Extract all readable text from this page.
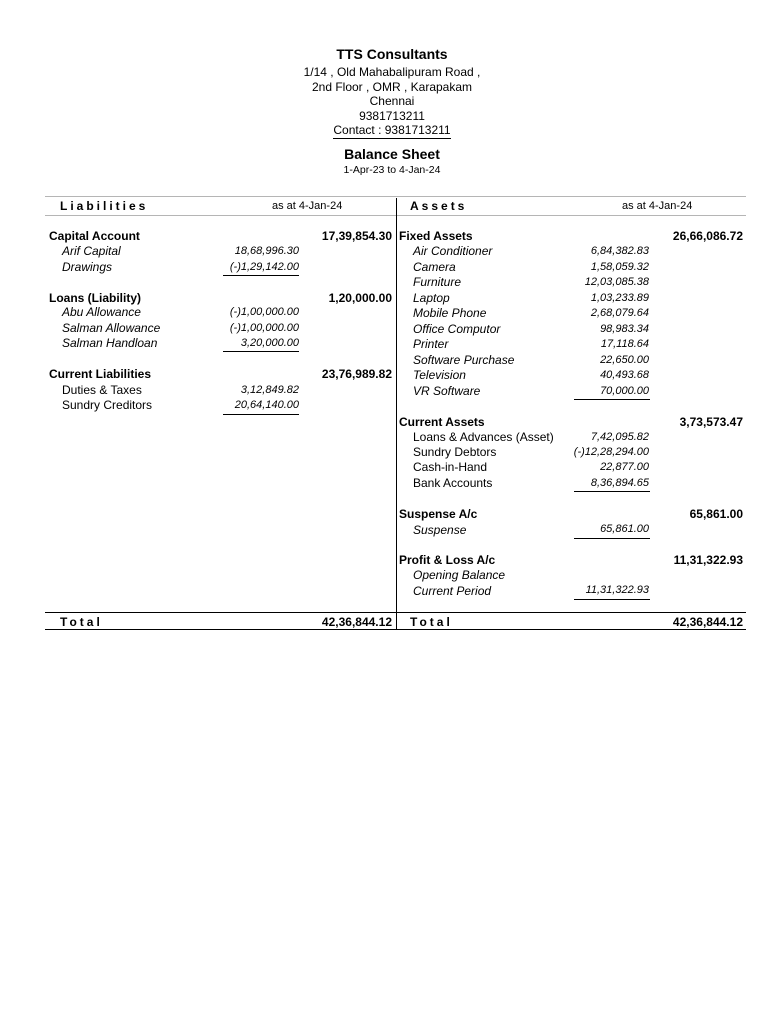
TTS Consultants
1/14 , Old Mahabalipuram Road ,
2nd Floor , OMR , Karapakam
Chennai
9381713211
Contact : 9381713211
Balance Sheet
1-Apr-23 to 4-Jan-24
Liabilities	as at 4-Jan-24	Assets	as at 4-Jan-24
Capital Account	17,39,854.30
Arif Capital	18,68,996.30
Drawings	(-)1,29,142.00
Loans (Liability)	1,20,000.00
Abu Allowance	(-)1,00,000.00
Salman Allowance	(-)1,00,000.00
Salman Handloan	3,20,000.00
Current Liabilities	23,76,989.82
Duties & Taxes	3,12,849.82
Sundry Creditors	20,64,140.00
Fixed Assets	26,66,086.72
Air Conditioner	6,84,382.83
Camera	1,58,059.32
Furniture	12,03,085.38
Laptop	1,03,233.89
Mobile Phone	2,68,079.64
Office Computor	98,983.34
Printer	17,118.64
Software Purchase	22,650.00
Television	40,493.68
VR Software	70,000.00
Current Assets	3,73,573.47
Loans & Advances (Asset)	7,42,095.82
Sundry Debtors	(-)12,28,294.00
Cash-in-Hand	22,877.00
Bank Accounts	8,36,894.65
Suspense A/c	65,861.00
Suspense	65,861.00
Profit & Loss A/c	11,31,322.93
Opening Balance
Current Period	11,31,322.93
Total	42,36,844.12 Total	42,36,844.12
